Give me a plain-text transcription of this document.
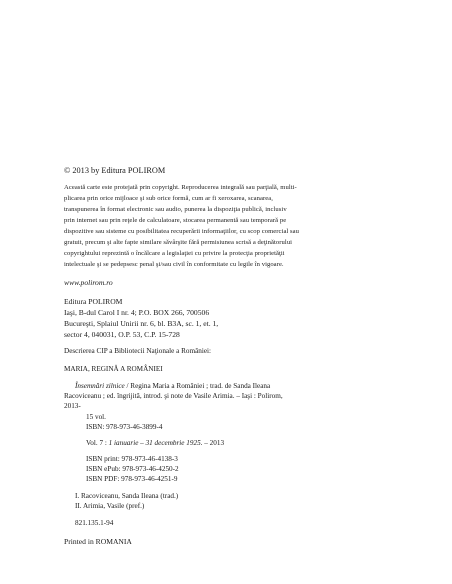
© 2013 by Editura POLIROM
Această carte este protejată prin copyright. Reproducerea integrală sau parţială, multi-
plicarea prin orice mijloace şi sub orice formă, cum ar fi xeroxarea, scanarea,
transpunerea în format electronic sau audio, punerea la dispoziţia publică, inclusiv
prin internet sau prin reţele de calculatoare, stocarea permanentă sau temporară pe
dispozitive sau sisteme cu posibilitatea recuperării informaţiilor, cu scop comercial sau
gratuit, precum şi alte fapte similare săvârşite fără permisiunea scrisă a deţinătorului
copyrightului reprezintă o încălcare a legislaţiei cu privire la protecţia proprietăţii
intelectuale şi se pedepsesc penal şi/sau civil în conformitate cu legile în vigoare.
www.polirom.ro
Editura POLIROM
Iaşi, B-dul Carol I nr. 4; P.O. BOX 266, 700506
Bucureşti, Splaiul Unirii nr. 6, bl. B3A, sc. 1, et. 1,
sector 4, 040031, O.P. 53, C.P. 15-728
Descrierea CIP a Bibliotecii Naţionale a României:
MARIA, REGINĂ A ROMÂNIEI
Însemnări zilnice / Regina Maria a României ; trad. de Sanda Ileana
Racoviceanu ; ed. îngrijită, introd. şi note de Vasile Arimia. – Iaşi : Polirom,
2013-
15 vol.
ISBN: 978-973-46-3899-4
Vol. 7 : 1 ianuarie – 31 decembrie 1925. – 2013
ISBN print: 978-973-46-4138-3
ISBN ePub: 978-973-46-4250-2
ISBN PDF: 978-973-46-4251-9
I. Racoviceanu, Sanda Ileana (trad.)
II. Arimia, Vasile (pref.)
821.135.1-94
Printed in ROMANIA
